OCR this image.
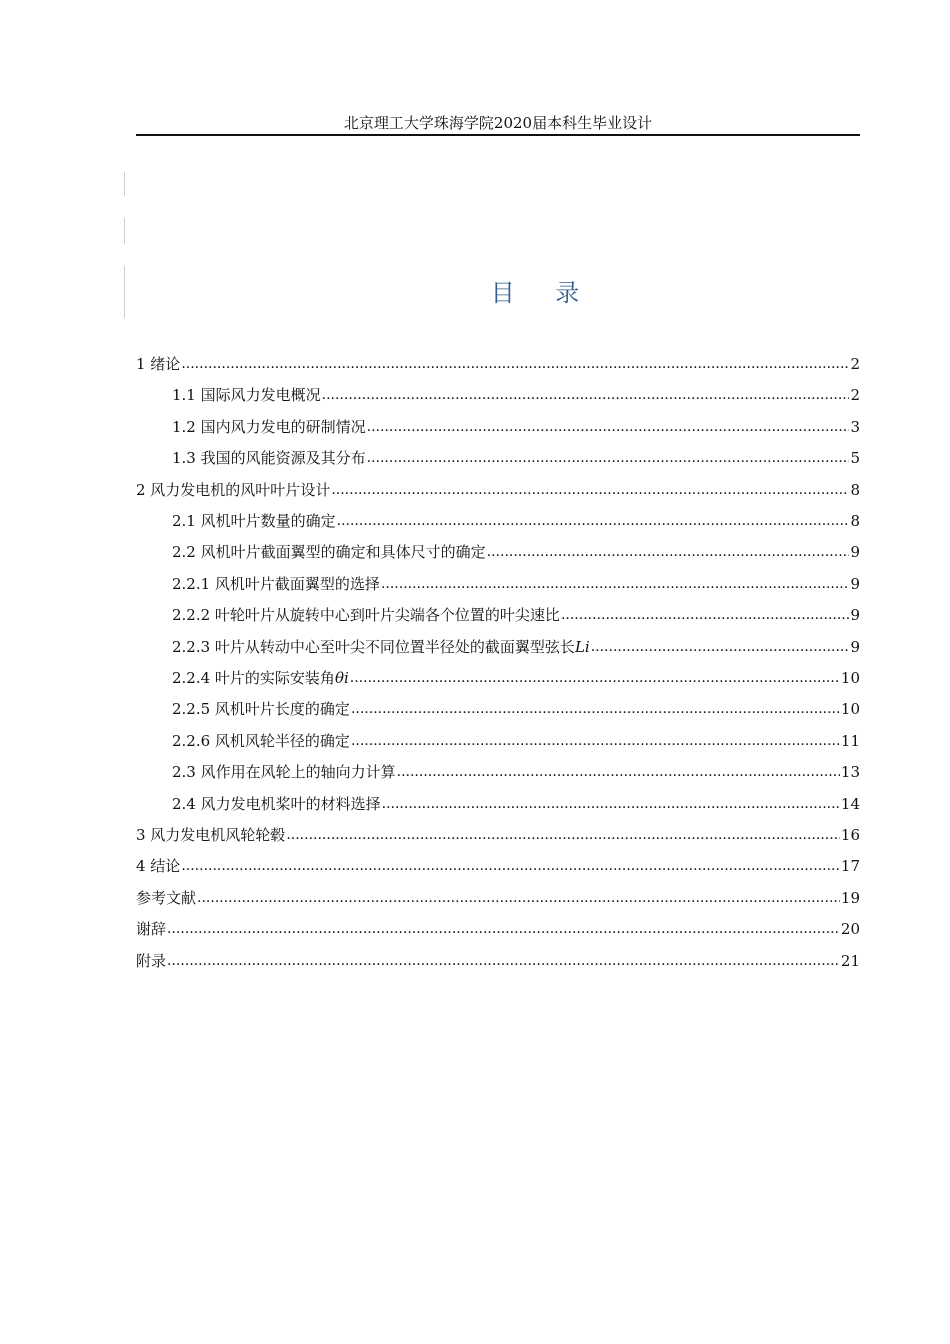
北京理工大学珠海学院2020届本科生毕业设计
目    录
1 绪论 .....	2
1.1 国际风力发电概况 .....	2
1.2 国内风力发电的研制情况 .....	3
1.3 我国的风能资源及其分布 .....	5
2 风力发电机的风叶叶片设计 .....	8
2.1 风机叶片数量的确定 .....	8
2.2 风机叶片截面翼型的确定和具体尺寸的确定 .....	9
2.2.1 风机叶片截面翼型的选择 .....	9
2.2.2 叶轮叶片从旋转中心到叶片尖端各个位置的叶尖速比 .....	9
2.2.3 叶片从转动中心至叶尖不同位置半径处的截面翼型弦长Li .....	9
2.2.4 叶片的实际安装角θi .....	10
2.2.5 风机叶片长度的确定 .....	10
2.2.6 风机风轮半径的确定 .....	11
2.3 风作用在风轮上的轴向力计算 .....	13
2.4 风力发电机桨叶的材料选择 .....	14
3 风力发电机风轮轮毂 .....	16
4 结论 .....	17
参考文献 .....	19
谢辞 .....	20
附录 .....	21
